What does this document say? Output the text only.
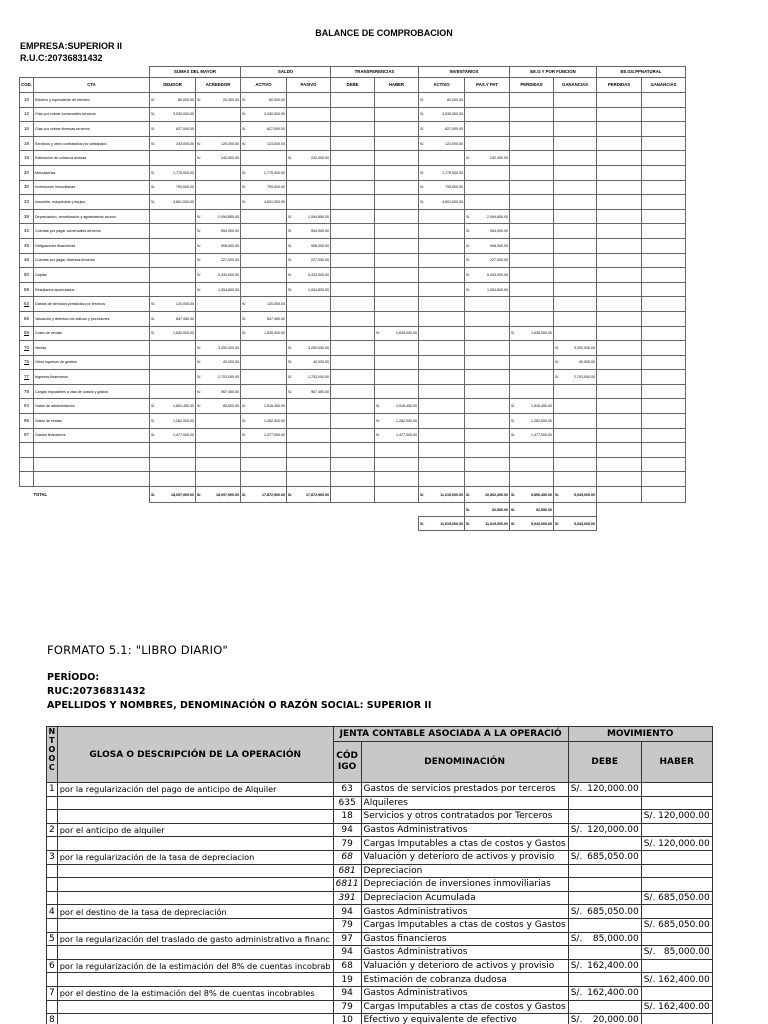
BALANCE DE COMPROBACION
EMPRESA:SUPERIOR II
R.U.C:20736831432
		SUMAS DEL MAYOR		SALDO		TRANSFERENCIAS		INVENTARIOS		EE.G Y POR FUNCION		EE.GG.PPNATURAL	
COD.	CTA	DEUDOR	ACREEDOR	ACTIVO	PASIVO	DEBE	HABER	ACTIVO	PAS.Y PAT	PERDIDAS	GANANCIAS	PERDIDAS	GANANCIAS
10	Efectivo y equivalente de efectivo	S/. 80,000.00	S/. 20,000.00	S/. 60,000.00				S/. 60,000.00					

12	Ctas por cobrar comerciales-terceros	S/. 3,030,000.00		S/. 3,030,000.00				S/. 3,030,000.00					

16	Ctas por cobrar diversas-terceros	S/. 627,000.00		S/. 627,000.00				S/. 627,000.00					

18	Servicios y otros contratados por anticipado	S/. 243,000.00	S/. 120,000.00	S/. 123,000.00				S/. 123,000.00					

19	Estimación de cobanza dudosa		S/. 242,400.00		S/. 242,400.00				S/. 242,400.00				

20	Mercaderias	S/. 1,775,000.00		S/. 1,775,000.00				S/. 1,775,000.00					

30	Inversiones inmoviliarias	S/. 799,000.00		S/. 799,000.00				S/. 799,000.00					

33	Inmueble, maquinaria y equipo	S/. 4,601,000.00		S/. 4,601,000.00				S/. 4,601,000.00					

39	Depreciación, amortización y agotamiento acumu		S/. 2,094,850.00		S/. 2,094,850.00				S/. 2,094,850.00				

42	Cuentas por pagar comerciales-terceros		S/. 954,000.00		S/. 954,000.00				S/. 954,000.00				

45	Obligaciones financieras		S/. 908,000.00		S/. 908,000.00				S/. 908,000.00				

46	Cuentas por pagar diversas-terceros		S/. 227,000.00		S/. 227,000.00				S/. 227,000.00				

50	Capital		S/. 5,433,000.00		S/. 5,433,000.00				S/. 5,433,000.00				

59	Resultados acumulados		S/. 1,054,800.00		S/. 1,054,800.00				S/. 1,054,800.00				

63	Gastos de servicios prestados por terceros	S/. 120,000.00		S/. 120,000.00									

68	Valuación y deterioro de activos y provisiones	S/. 847,450.00		S/. 847,450.00									

69	Costo de ventas	S/. 1,635,000.00		S/. 1,635,000.00			S/. 1,635,000.00			S/. 1,635,000.00			

70	Ventas		S/. 3,200,000.00		S/. 3,200,000.00						S/. 3,200,000.00		

75	Otros ingresos de gestión		S/. 40,000.00		S/. 40,000.00						S/. 40,000.00		

77	Ingresos financieros		S/. 2,703,000.00		S/. 2,703,000.00						S/. 2,703,000.00		

79	Cargas imputables a ctas de costos y gastos		S/. 967,450.00		S/. 967,450.00								

94	Gasto de administración	S/. 1,601,450.00	S/. 85,000.00	S/. 1,516,450.00			S/. 1,516,450.00			S/. 1,516,450.00			

95	Gasto de ventas	S/. 1,262,000.00		S/. 1,262,000.00			S/. 1,262,000.00			S/. 1,262,000.00			

97	Gastos financieros	S/. 1,477,000.00		S/. 1,477,000.00			S/. 1,477,000.00			S/. 1,477,000.00			

TOTAL		S/. 18,097,900.00	S/. 18,097,900.00	S/. 17,872,900.00	S/. 17,872,900.00			S/. 11,015,000.00	S/. 10,962,450.00	S/. 5,890,450.00	S/. 5,943,000.00		

									S/. 52,550.00	S/. 52,550.00			

								S/. 11,015,000.00	S/. 11,015,000.00	S/. 5,943,000.00	S/. 5,943,000.00		

FORMATO 5.1: "LIBRO DIARIO"
PERÍODO:
RUC:20736831432
APELLIDOS Y NOMBRES, DENOMINACIÓN O RAZÓN SOCIAL: SUPERIOR II
N
T
O
O
C	GLOSA O DESCRIPCIÓN DE LA OPERACIÓN	JENTA CONTABLE ASOCIADA A LA OPERACIÓ		MOVIMIENTO	
		CÓD
IGO	DENOMINACIÓN	DEBE	HABER
1	por la regularización del pago de anticipo de Alquiler	63	Gastos de servicios prestados por terceros	S/. 120,000.00	

		635	Alquileres	

		18	Servicios y otros contratados por Terceros		S/. 120,000.00

2	por el anticipo de alquiler	94	Gastos Administrativos	S/. 120,000.00	

		79	Cargas Imputables a ctas de costos y Gastos		S/. 120,000.00

3	por la regularización de la tasa de depreciacion	68	Valuación y deterioro de activos y provisio	S/. 685,050.00	

		681	Depreciacion	

		6811	Depreciación de inversiones inmoviliarias	

		391	Depreciacion Acumulada		S/. 685,050.00

4	por el destino de la tasa de depreciación	94	Gastos Administrativos	S/. 685,050.00	

		79	Cargas Imputables a ctas de costos y Gastos		S/. 685,050.00

5	por la regularización del traslado de gasto administrativo a financ	97	Gastos financieros	S/. 85,000.00	

		94	Gastos Administrativos		S/. 85,000.00

6	por la regularización de la estimación del 8% de cuentas incobrab	68	Valuación y deterioro de activos y provisio	S/. 162,400.00	

		19	Estimación de cobranza dudosa		S/. 162,400.00

7	por el destino de la estimación del 8% de cuentas incobrables	94	Gastos Administrativos	S/. 162,400.00	

		79	Cargas Imputables a ctas de costos y Gastos		S/. 162,400.00

8		10	Efectivo y equivalente de efectivo	S/. 20,000.00	
